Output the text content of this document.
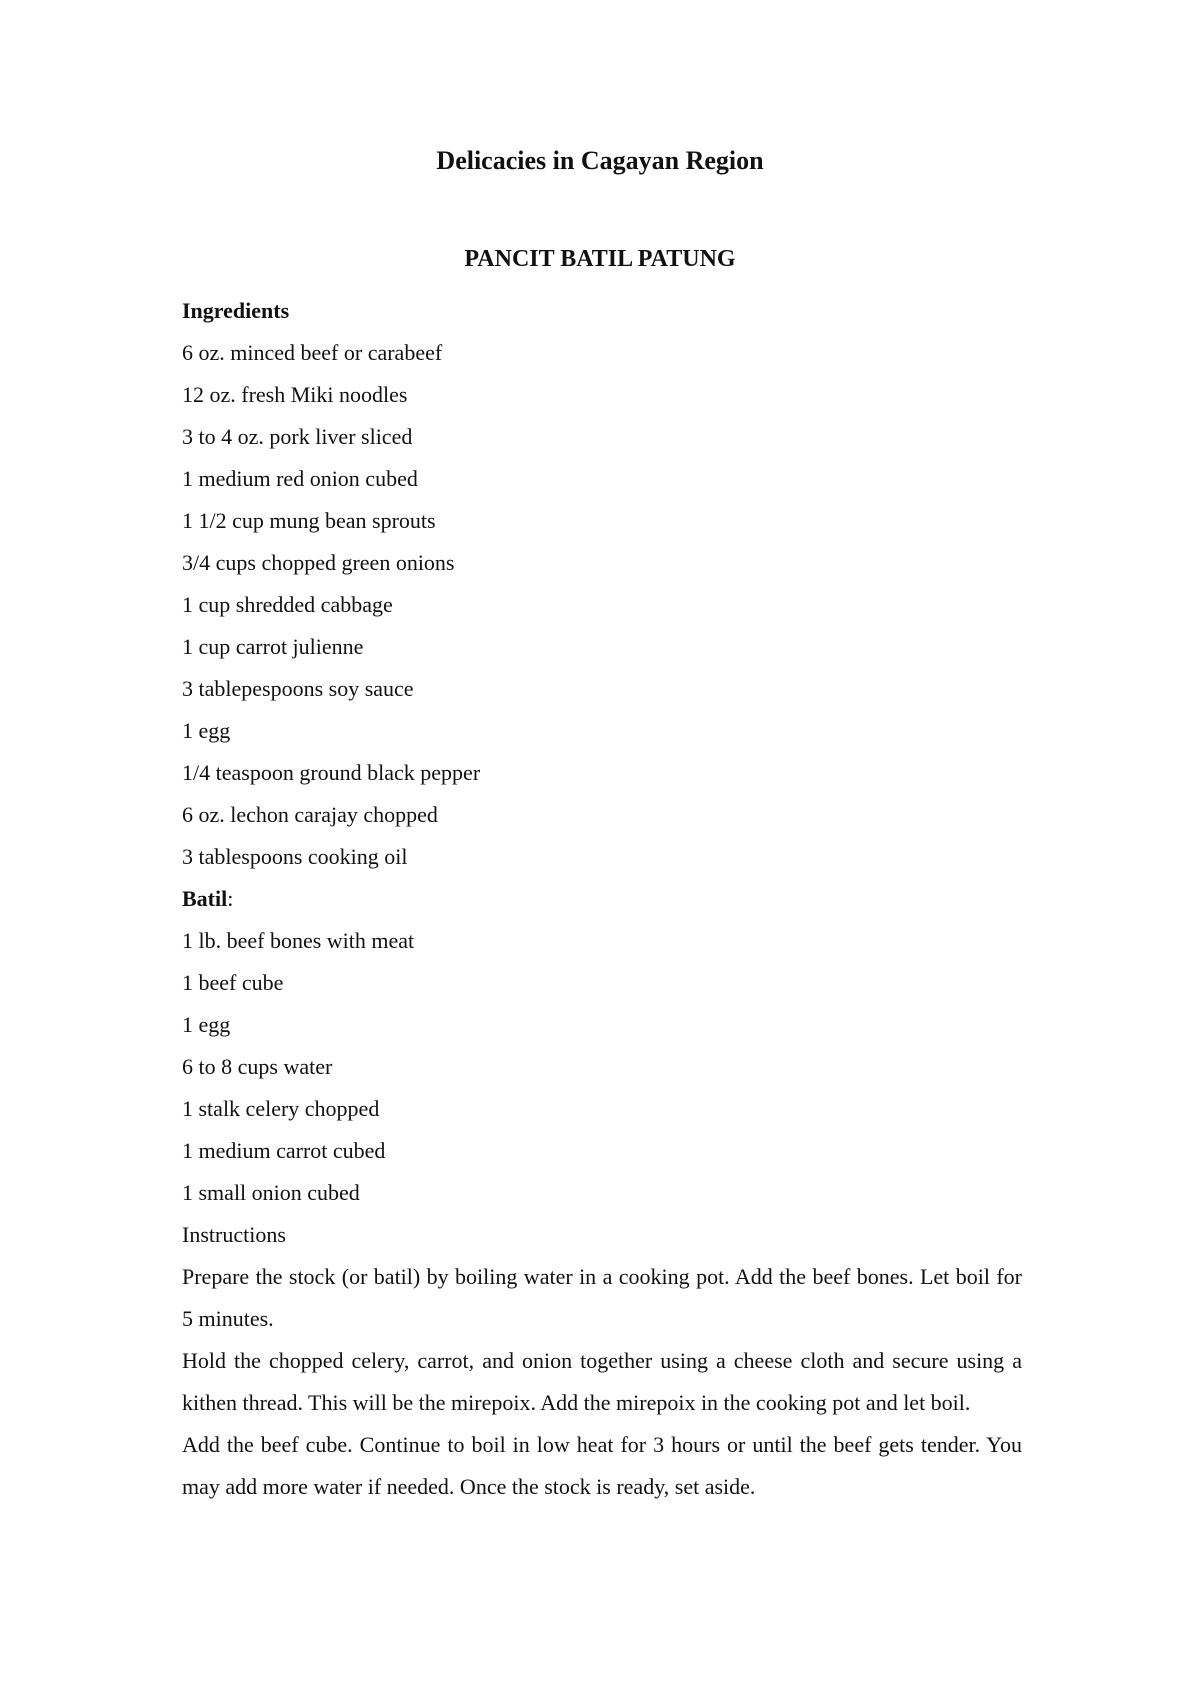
Delicacies in Cagayan Region
PANCIT BATIL PATUNG
Ingredients
6 oz. minced beef or carabeef
12 oz. fresh Miki noodles
3 to 4 oz. pork liver sliced
1 medium red onion cubed
1 1/2 cup mung bean sprouts
3/4 cups chopped green onions
1 cup shredded cabbage
1 cup carrot julienne
3 tablepespoons soy sauce
1 egg
1/4 teaspoon ground black pepper
6 oz. lechon carajay chopped
3 tablespoons cooking oil
Batil:
1 lb. beef bones with meat
1 beef cube
1 egg
6 to 8 cups water
1 stalk celery chopped
1 medium carrot cubed
1 small onion cubed
Instructions
Prepare the stock (or batil) by boiling water in a cooking pot. Add the beef bones. Let boil for 5 minutes.
Hold the chopped celery, carrot, and onion together using a cheese cloth and secure using a kithen thread. This will be the mirepoix. Add the mirepoix in the cooking pot and let boil.
Add the beef cube. Continue to boil in low heat for 3 hours or until the beef gets tender. You may add more water if needed. Once the stock is ready, set aside.
